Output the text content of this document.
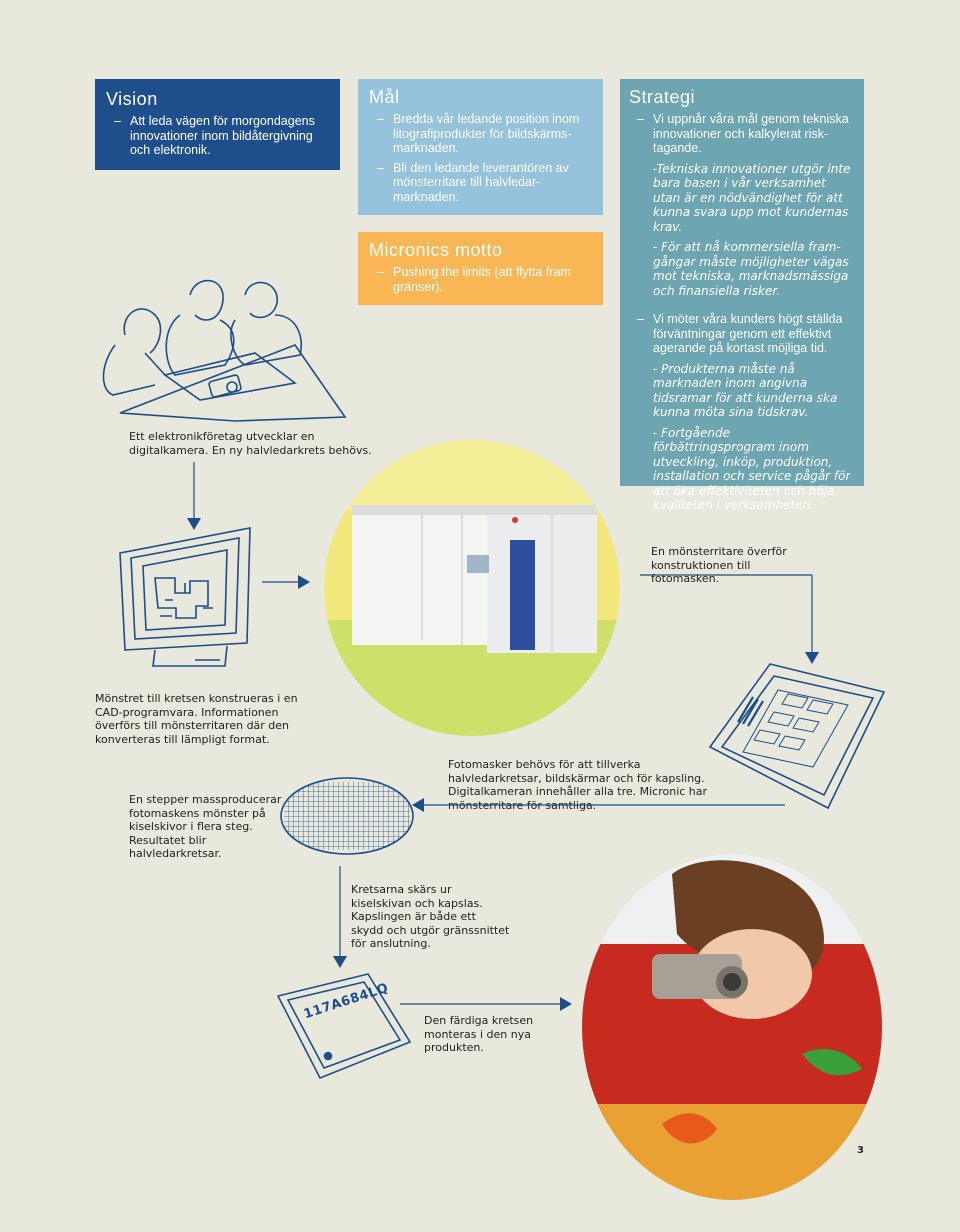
Vision
– Att leda vägen för morgondagens innovationer inom bildåtergivning och elektronik.
Mål
– Bredda vår ledande position inom litografiprodukter för bildskärms-marknaden.
– Bli den ledande leverantören av mönsterritare till halvledar-marknaden.
Micronics motto
– Pushing the limits (att flytta fram gränser).
Strategi
– Vi uppnår våra mål genom tekniska innovationer och kalkylerat risk-tagande.
-Tekniska innovationer utgör inte bara basen i vår verksamhet utan är en nödvändighet för att kunna svara upp mot kundernas krav.
- För att nå kommersiella fram-gångar måste möjligheter vägas mot tekniska, marknadsmässiga och finansiella risker.
– Vi möter våra kunders högt ställda förväntningar genom ett effektivt agerande på kortast möjliga tid.
- Produkterna måste nå marknaden inom angivna tidsramar för att kunderna ska kunna möta sina tidskrav.
- Fortgående förbättringsprogram inom utveckling, inköp, produktion, installation och service pågår för att öka effektiviteten och höja kvaliteten i verksamheten.
Ett elektronikföretag utvecklar en digitalkamera. En ny halvledarkrets behövs.
En mönsterritare överför konstruktionen till fotomasken.
Mönstret till kretsen konstrueras i en CAD-programvara. Informationen överförs till mönsterritaren där den konverteras till lämpligt format.
Fotomasker behövs för att tillverka halvledarkretsar, bildskärmar och för kapsling. Digitalkameran innehåller alla tre. Micronic har mönsterritare för samtliga.
En stepper massproducerar fotomaskens mönster på kiselskivor i flera steg. Resultatet blir halvledarkretsar.
Kretsarna skärs ur kiselskivan och kapslas. Kapslingen är både ett skydd och utgör gränssnittet för anslutning.
117A684LQ	Den färdiga kretsen monteras i den nya produkten.
3
